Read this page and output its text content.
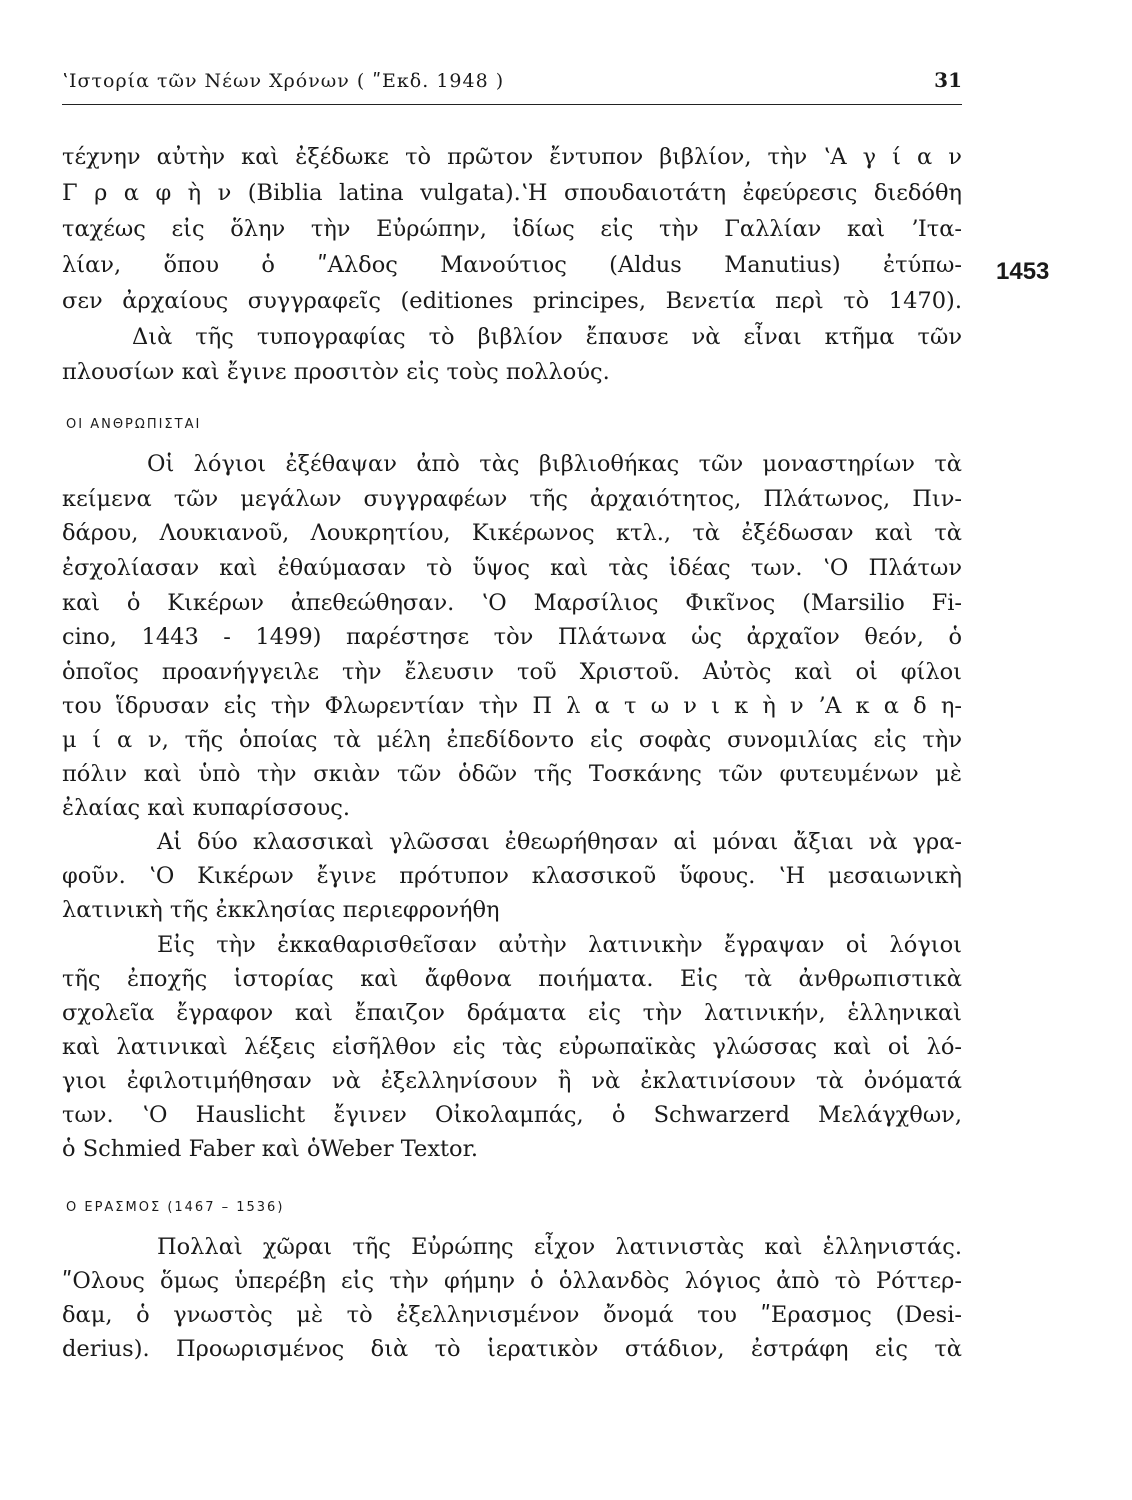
ʽΙστορία τῶν Νέων Χρόνων ( ʺΕκδ. 1948 )	31
1453
τέχνην αὐτὴν καὶ ἐξέδωκε τὸ πρῶτον ἔντυπον βιβλίον, τὴν ʽΑ γ ί α ν
Γ ρ α φ ὴ ν (Biblia latina vulgata).ʽΗ σπουδαιοτάτη ἐφεύρεσις διεδόθη
ταχέως εἰς ὅλην τὴν Εὐρώπην, ἰδίως εἰς τὴν Γαλλίαν καὶ ʼΙτα-
λίαν, ὅπου ὁ ʺΑλδος Μανούτιος (Aldus Manutius) ἐτύπω-
σεν ἀρχαίους συγγραφεῖς (editiones principes, Βενετία περὶ τὸ 1470).
Διὰ τῆς τυπογραφίας τὸ βιβλίον ἔπαυσε νὰ εἶναι κτῆμα τῶν
πλουσίων καὶ ἔγινε προσιτὸν εἰς τοὺς πολλούς.
ΟΙ ΑΝΘΡΩΠΙΣΤΑΙ
Οἱ λόγιοι ἐξέθαψαν ἀπὸ τὰς βιβλιοθήκας τῶν μοναστηρίων τὰ
κείμενα τῶν μεγάλων συγγραφέων τῆς ἀρχαιότητος, Πλάτωνος, Πιν-
δάρου, Λουκιανοῦ, Λουκρητίου, Κικέρωνος κτλ., τὰ ἐξέδωσαν καὶ τὰ
ἐσχολίασαν καὶ ἐθαύμασαν τὸ ὕψος καὶ τὰς ἰδέας των. ʽΟ Πλάτων
καὶ ὁ Κικέρων ἀπεθεώθησαν. ʽΟ Μαρσίλιος Φικῖνος (Marsilio Fi-
cino, 1443 - 1499) παρέστησε τὸν Πλάτωνα ὡς ἀρχαῖον θεόν, ὁ
ὁποῖος προανήγγειλε τὴν ἔλευσιν τοῦ Χριστοῦ. Αὐτὸς καὶ οἱ φίλοι
του ἵδρυσαν εἰς τὴν Φλωρεντίαν τὴν Π λ α τ ω ν ι κ ὴ ν ʼΑ κ α δ η-
μ ί α ν, τῆς ὁποίας τὰ μέλη ἐπεδίδοντο εἰς σοφὰς συνομιλίας εἰς τὴν
πόλιν καὶ ὑπὸ τὴν σκιὰν τῶν ὁδῶν τῆς Τοσκάνης τῶν φυτευμένων μὲ
ἐλαίας καὶ κυπαρίσσους.
Αἱ δύο κλασσικαὶ γλῶσσαι ἐθεωρήθησαν αἱ μόναι ἄξιαι νὰ γρα-
φοῦν. ʽΟ Κικέρων ἔγινε πρότυπον κλασσικοῦ ὕφους. ʽΗ μεσαιωνικὴ
λατινικὴ τῆς ἐκκλησίας περιεφρονήθη
Εἰς τὴν ἐκκαθαρισθεῖσαν αὐτὴν λατινικὴν ἔγραψαν οἱ λόγιοι
τῆς ἐποχῆς ἱστορίας καὶ ἄφθονα ποιήματα. Εἰς τὰ ἀνθρωπιστικὰ
σχολεῖα ἔγραφον καὶ ἔπαιζον δράματα εἰς τὴν λατινικήν, ἑλληνικαὶ
καὶ λατινικαὶ λέξεις εἰσῆλθον εἰς τὰς εὐρωπαϊκὰς γλώσσας καὶ οἱ λό-
γιοι ἐφιλοτιμήθησαν νὰ ἐξελληνίσουν ἢ νὰ ἐκλατινίσουν τὰ ὀνόματά
των. ʽΟ Hauslicht ἔγινεν Οἰκολαμπάς, ὁ Schwarzerd Μελάγχθων,
ὁ Schmied Faber καὶ ὁWeber Textor.
Ο ΕΡΑΣΜΟΣ (1467 – 1536)
Πολλαὶ χῶραι τῆς Εὐρώπης εἶχον λατινιστὰς καὶ ἑλληνιστάς.
ʺΟλους ὅμως ὑπερέβη εἰς τὴν φήμην ὁ ὁλλανδὸς λόγιος ἀπὸ τὸ Ρόττερ-
δαμ, ὁ γνωστὸς μὲ τὸ ἐξελληνισμένον ὄνομά του ʺΕρασμος (Desi-
derius). Προωρισμένος διὰ τὸ ἱερατικὸν στάδιον, ἐστράφη εἰς τὰ
